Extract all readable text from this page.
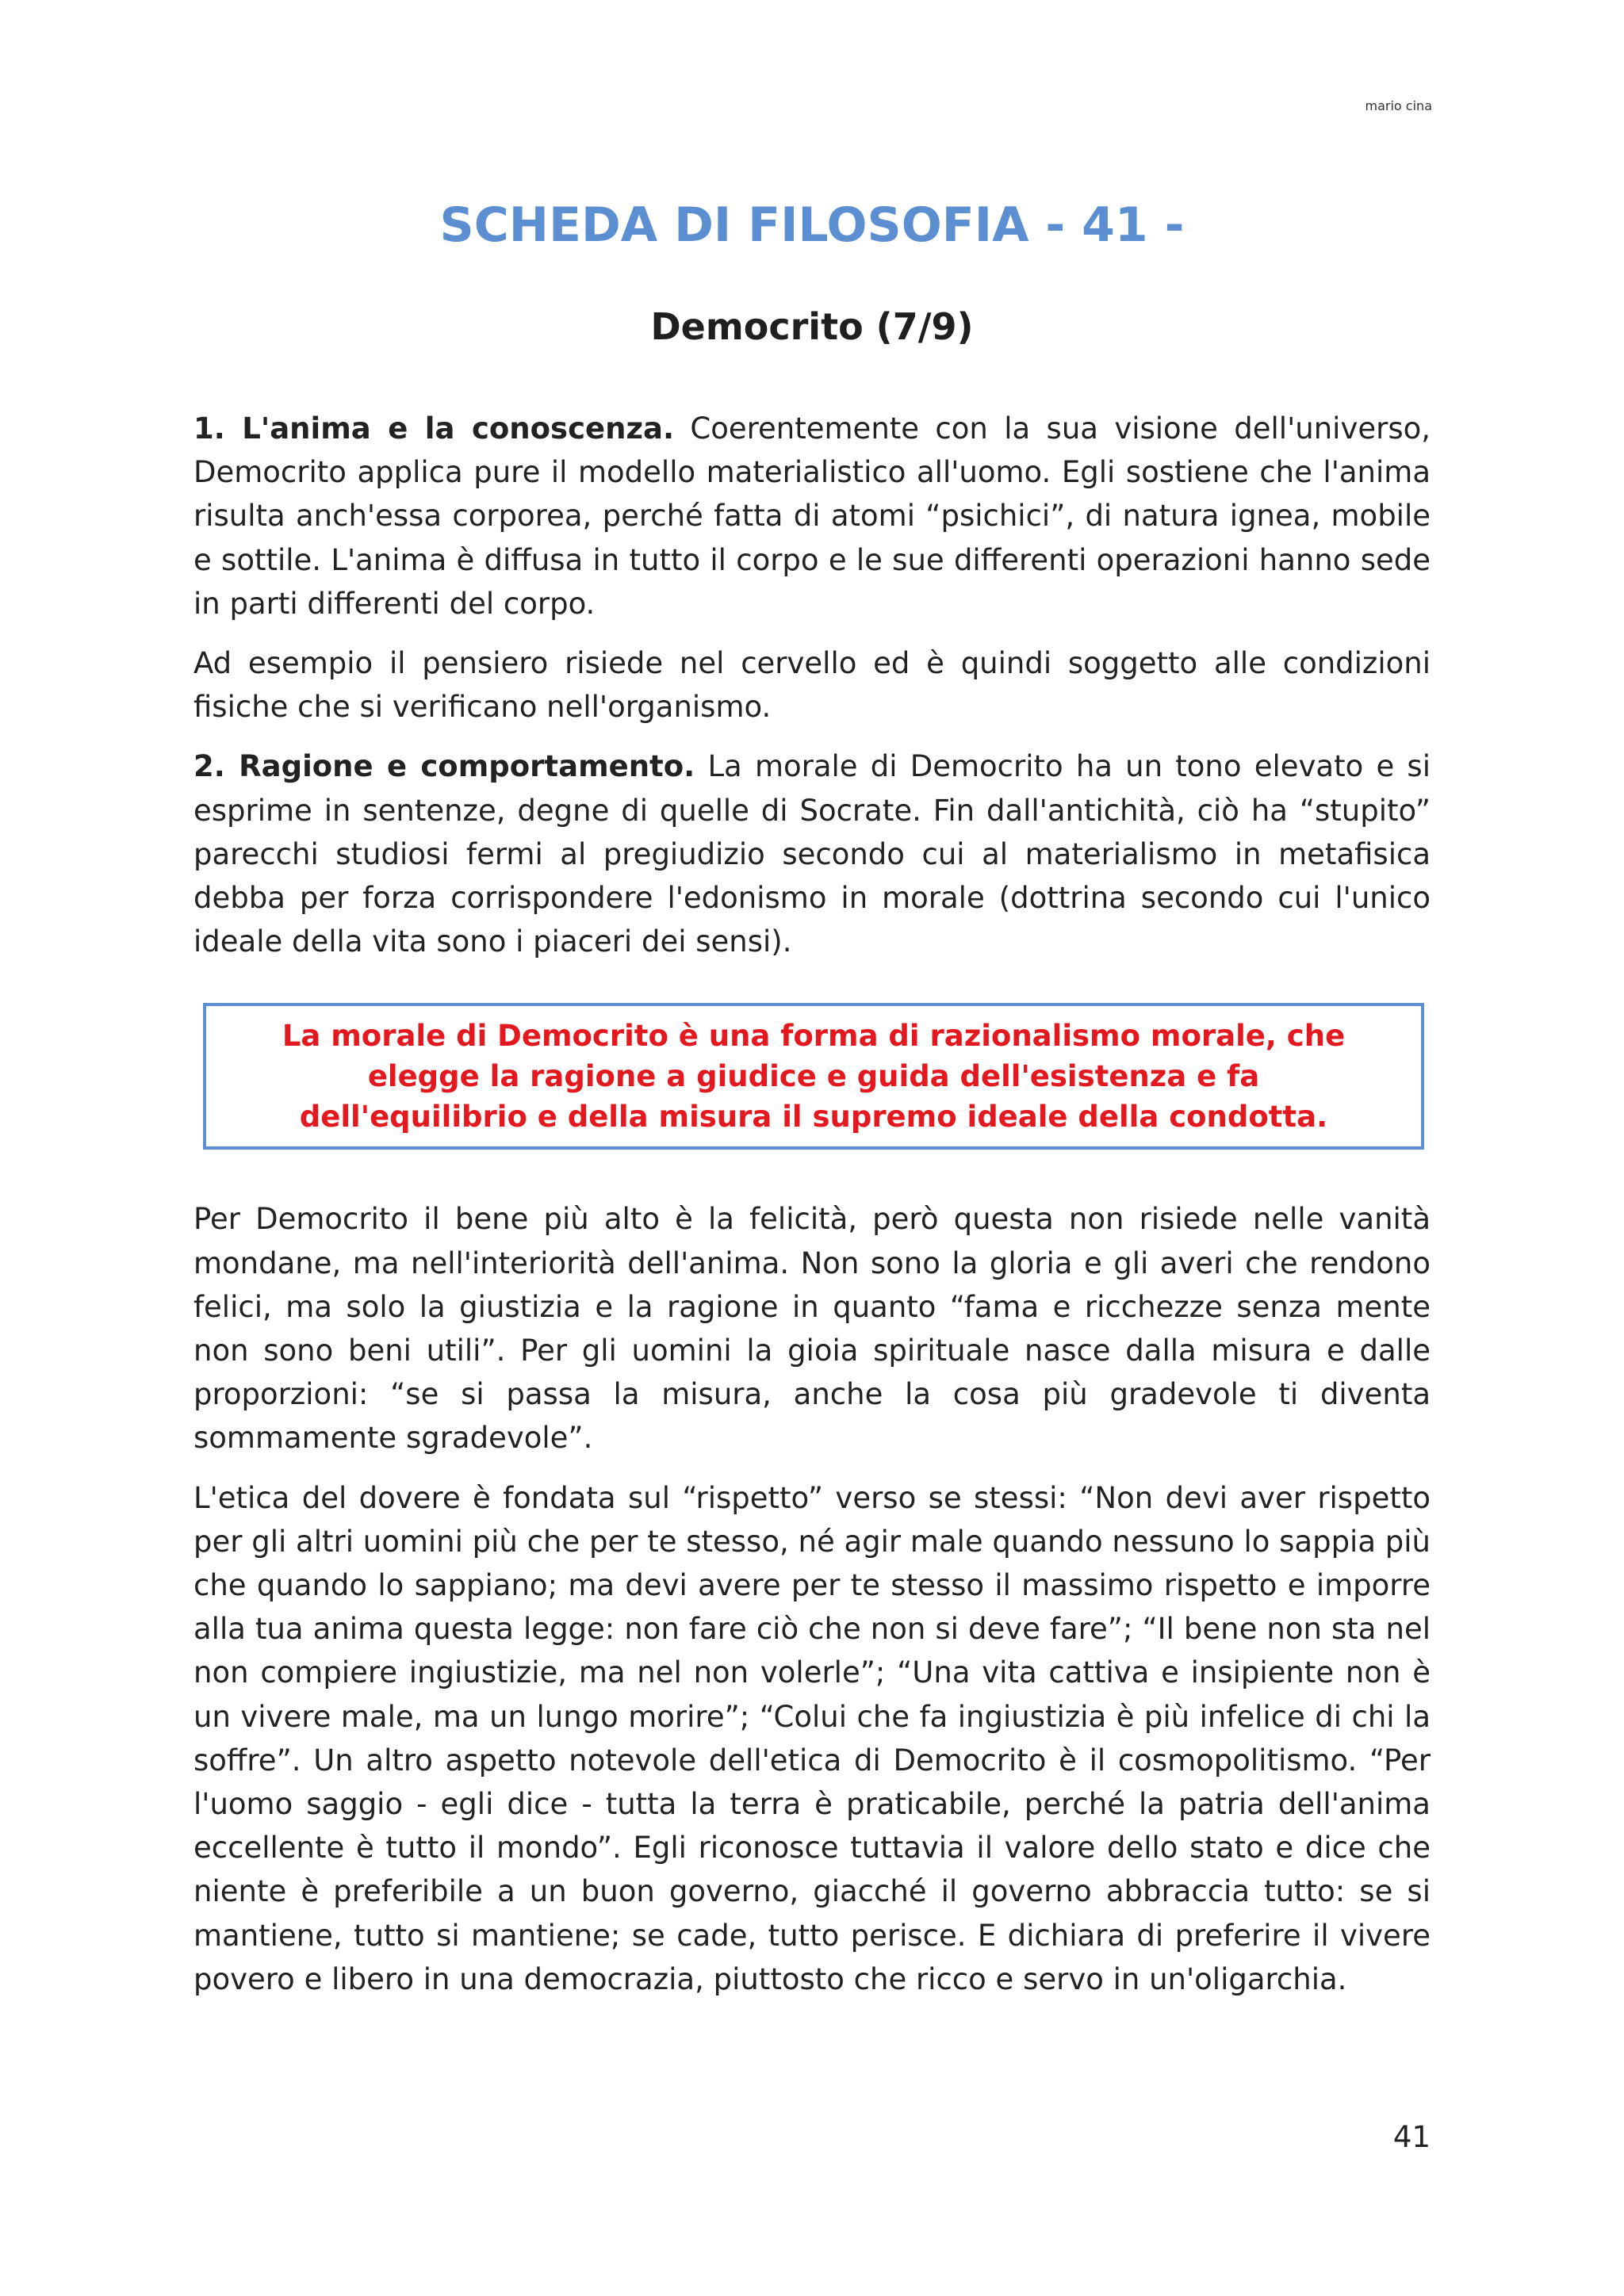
mario cina
SCHEDA DI FILOSOFIA - 41 -
Democrito (7/9)

1. L'anima e la conoscenza. Coerentemente con la sua visione dell'universo, Democrito applica pure il modello materialistico all'uomo. Egli sostiene che l'anima risulta anch'essa corporea, perché fatta di atomi “psichici”, di natura ignea, mobile e sottile. L'anima è diffusa in tutto il corpo e le sue differenti operazioni hanno sede in parti differenti del corpo.

Ad esempio il pensiero risiede nel cervello ed è quindi soggetto alle condizioni fisiche che si verificano nell'organismo.

2. Ragione e comportamento. La morale di Democrito ha un tono elevato e si esprime in sentenze, degne di quelle di Socrate. Fin dall'antichità, ciò ha “stupito” parecchi studiosi fermi al pregiudizio secondo cui al materialismo in metafisica debba per forza corrispondere l'edonismo in morale (dottrina secondo cui l'unico ideale della vita sono i piaceri dei sensi).

La morale di Democrito è una forma di razionalismo morale, che
elegge la ragione a giudice e guida dell'esistenza e fa
dell'equilibrio e della misura il supremo ideale della condotta.

Per Democrito il bene più alto è la felicità, però questa non risiede nelle vanità mondane, ma nell'interiorità dell'anima. Non sono la gloria e gli averi che rendono felici, ma solo la giustizia e la ragione in quanto “fama e ricchezze senza mente non sono beni utili”. Per gli uomini la gioia spirituale nasce dalla misura e dalle proporzioni: “se si passa la misura, anche la cosa più gradevole ti diventa sommamente sgradevole”.

L'etica del dovere è fondata sul “rispetto” verso se stessi: “Non devi aver rispetto per gli altri uomini più che per te stesso, né agir male quando nessuno lo sappia più che quando lo sappiano; ma devi avere per te stesso il massimo rispetto e imporre alla tua anima questa legge: non fare ciò che non si deve fare”; “Il bene non sta nel non compiere ingiustizie, ma nel non volerle”; “Una vita cattiva e insipiente non è un vivere male, ma un lungo morire”; “Colui che fa ingiustizia è più infelice di chi la soffre”. Un altro aspetto notevole dell'etica di Democrito è il cosmopolitismo. “Per l'uomo saggio - egli dice - tutta la terra è praticabile, perché la patria dell'anima eccellente è tutto il mondo”. Egli riconosce tuttavia il valore dello stato e dice che niente è preferibile a un buon governo, giacché il governo abbraccia tutto: se si mantiene, tutto si mantiene; se cade, tutto perisce. E dichiara di preferire il vivere povero e libero in una democrazia, piuttosto che ricco e servo in un'oligarchia.

41
